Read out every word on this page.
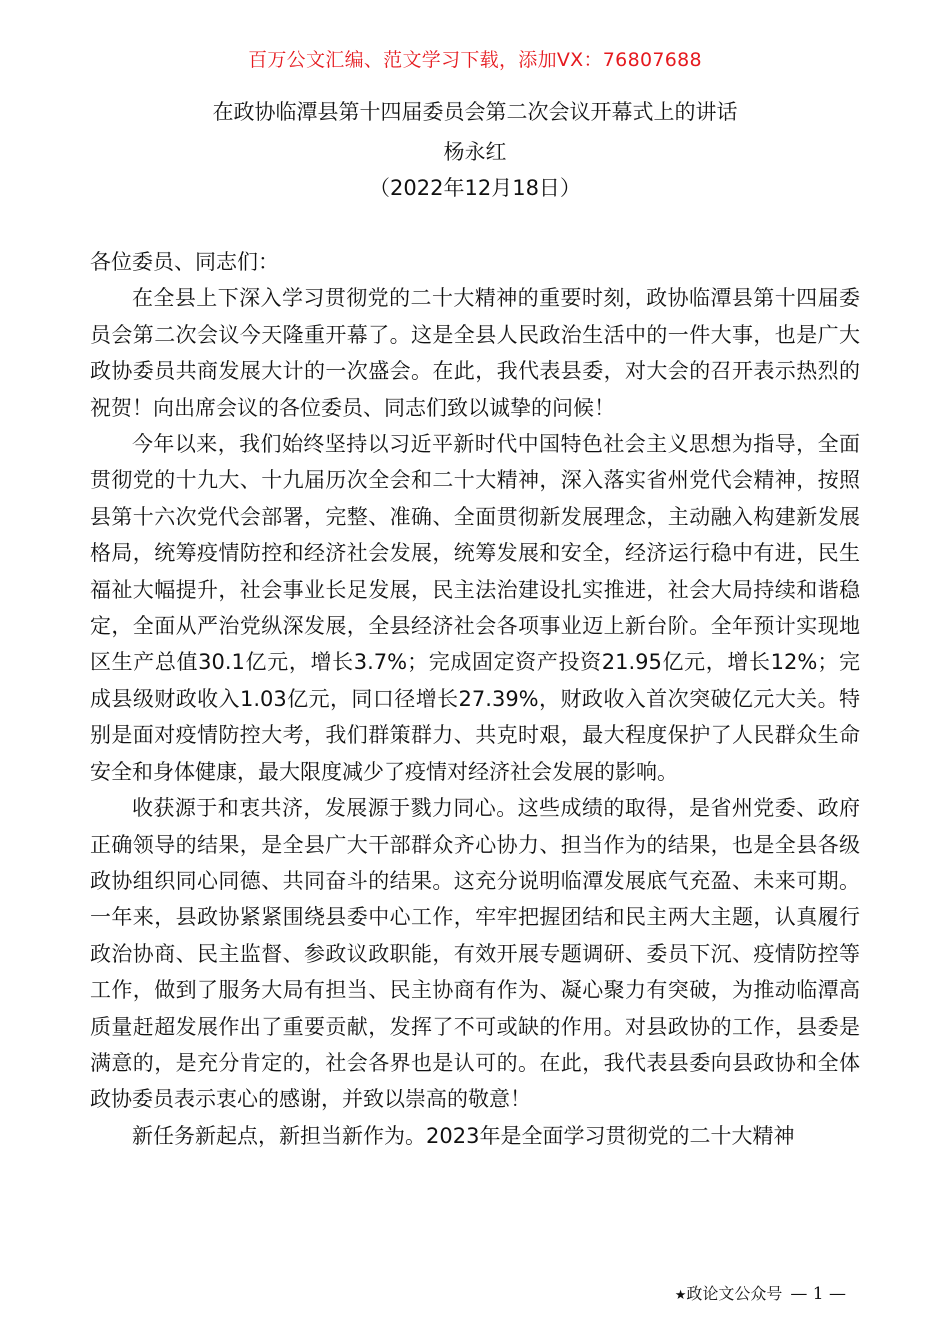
百万公文汇编、范文学习下载，添加VX：76807688
在政协临潭县第十四届委员会第二次会议开幕式上的讲话
杨永红
（2022年12月18日）

各位委员、同志们：

在全县上下深入学习贯彻党的二十大精神的重要时刻，政协临潭县第十四届委员会第二次会议今天隆重开幕了。这是全县人民政治生活中的一件大事，也是广大政协委员共商发展大计的一次盛会。在此，我代表县委，对大会的召开表示热烈的祝贺！向出席会议的各位委员、同志们致以诚挚的问候！

今年以来，我们始终坚持以习近平新时代中国特色社会主义思想为指导，全面贯彻党的十九大、十九届历次全会和二十大精神，深入落实省州党代会精神，按照县第十六次党代会部署，完整、准确、全面贯彻新发展理念，主动融入构建新发展格局，统筹疫情防控和经济社会发展，统筹发展和安全，经济运行稳中有进，民生福祉大幅提升，社会事业长足发展，民主法治建设扎实推进，社会大局持续和谐稳定，全面从严治党纵深发展，全县经济社会各项事业迈上新台阶。全年预计实现地区生产总值30.1亿元，增长3.7%；完成固定资产投资21.95亿元，增长12%；完成县级财政收入1.03亿元，同口径增长27.39%，财政收入首次突破亿元大关。特别是面对疫情防控大考，我们群策群力、共克时艰，最大程度保护了人民群众生命安全和身体健康，最大限度减少了疫情对经济社会发展的影响。

收获源于和衷共济，发展源于戮力同心。这些成绩的取得，是省州党委、政府正确领导的结果，是全县广大干部群众齐心协力、担当作为的结果，也是全县各级政协组织同心同德、共同奋斗的结果。这充分说明临潭发展底气充盈、未来可期。一年来，县政协紧紧围绕县委中心工作，牢牢把握团结和民主两大主题，认真履行政治协商、民主监督、参政议政职能，有效开展专题调研、委员下沉、疫情防控等工作，做到了服务大局有担当、民主协商有作为、凝心聚力有突破，为推动临潭高质量赶超发展作出了重要贡献，发挥了不可或缺的作用。对县政协的工作，县委是满意的，是充分肯定的，社会各界也是认可的。在此，我代表县委向县政协和全体政协委员表示衷心的感谢，并致以崇高的敬意！

新任务新起点，新担当新作为。2023年是全面学习贯彻党的二十大精神

★政论文公众号 — 1 —
